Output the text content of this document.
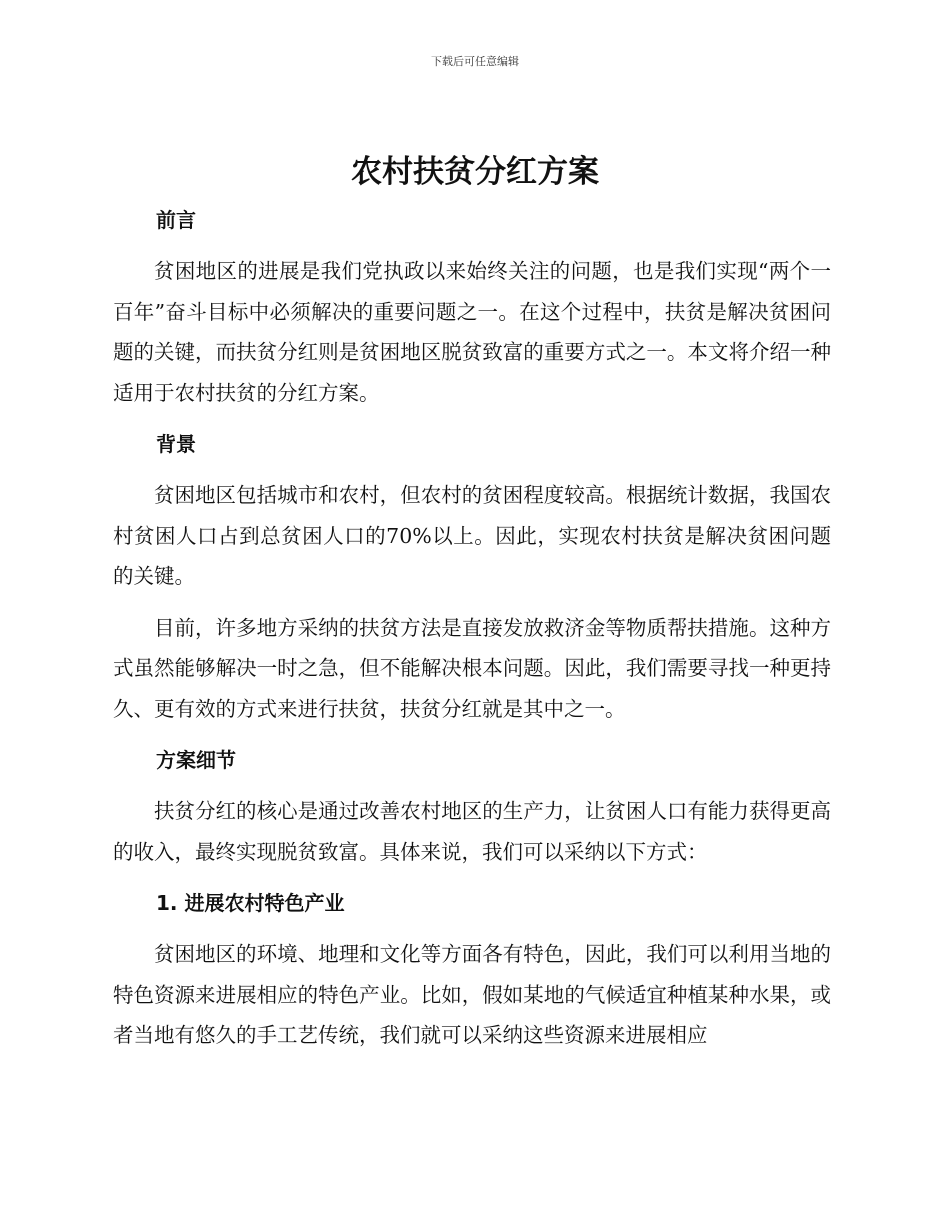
下载后可任意编辑
农村扶贫分红方案
前言

贫困地区的进展是我们党执政以来始终关注的问题，也是我们实现“两个一百年”奋斗目标中必须解决的重要问题之一。在这个过程中，扶贫是解决贫困问题的关键，而扶贫分红则是贫困地区脱贫致富的重要方式之一。本文将介绍一种适用于农村扶贫的分红方案。

背景

贫困地区包括城市和农村，但农村的贫困程度较高。根据统计数据，我国农村贫困人口占到总贫困人口的70%以上。因此，实现农村扶贫是解决贫困问题的关键。

目前，许多地方采纳的扶贫方法是直接发放救济金等物质帮扶措施。这种方式虽然能够解决一时之急，但不能解决根本问题。因此，我们需要寻找一种更持久、更有效的方式来进行扶贫，扶贫分红就是其中之一。

方案细节

扶贫分红的核心是通过改善农村地区的生产力，让贫困人口有能力获得更高的收入，最终实现脱贫致富。具体来说，我们可以采纳以下方式：

1. 进展农村特色产业

贫困地区的环境、地理和文化等方面各有特色，因此，我们可以利用当地的特色资源来进展相应的特色产业。比如，假如某地的气候适宜种植某种水果，或者当地有悠久的手工艺传统，我们就可以采纳这些资源来进展相应
